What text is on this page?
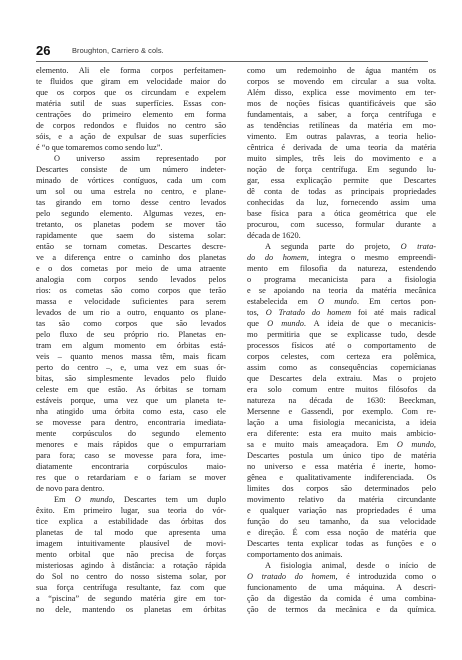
26	Broughton, Carriero & cols.
elemento. Ali ele forma corpos perfeitamen-
te fluidos que giram em velocidade maior do
que os corpos que os circundam e expelem
matéria sutil de suas superfícies. Essas con-
centrações do primeiro elemento em forma
de corpos redondos e fluidos no centro são
sóis, e a ação de expulsar de suas superfícies
é “o que tomaremos como sendo luz”.
O universo assim representado por
Descartes consiste de um número indeter-
minado de vórtices contíguos, cada um com
um sol ou uma estrela no centro, e plane-
tas girando em torno desse centro levados
pelo segundo elemento. Algumas vezes, en-
tretanto, os planetas podem se mover tão
rapidamente que saem do sistema solar:
então se tornam cometas. Descartes descre-
ve a diferença entre o caminho dos planetas
e o dos cometas por meio de uma atraente
analogia com corpos sendo levados pelos
rios: os cometas são como corpos que terão
massa e velocidade suficientes para serem
levados de um rio a outro, enquanto os plane-
tas são como corpos que são levados
pelo fluxo de seu próprio rio. Planetas en-
tram em algum momento em órbitas está-
veis – quanto menos massa têm, mais ficam
perto do centro –, e, uma vez em suas ór-
bitas, são simplesmente levados pelo fluido
celeste em que estão. As órbitas se tornam
estáveis porque, uma vez que um planeta te-
nha atingido uma órbita como esta, caso ele
se movesse para dentro, encontraria imediata-
mente corpúsculos do segundo elemento
menores e mais rápidos que o empurrariam
para fora; caso se movesse para fora, ime-
diatamente encontraria corpúsculos maio-
res que o retardariam e o fariam se mover
de novo para dentro.
Em O mundo, Descartes tem um duplo
êxito. Em primeiro lugar, sua teoria do vór-
tice explica a estabilidade das órbitas dos
planetas de tal modo que apresenta uma
imagem intuitivamente plausível de movi-
mento orbital que não precisa de forças
misteriosas agindo à distância: a rotação rápida
do Sol no centro do nosso sistema solar, por
sua força centrífuga resultante, faz com que
a “piscina” de segundo matéria gire em tor-
no dele, mantendo os planetas em órbitas
como um redemoinho de água mantém os
corpos se movendo em circular a sua volta.
Além disso, explica esse movimento em ter-
mos de noções físicas quantificáveis que são
fundamentais, a saber, a força centrífuga e
as tendências retilíneas da matéria em mo-
vimento. Em outras palavras, a teoria helio-
cêntrica é derivada de uma teoria da matéria
muito simples, três leis do movimento e a
noção de força centrífuga. Em segundo lu-
gar, essa explicação permite que Descartes
dê conta de todas as principais propriedades
conhecidas da luz, fornecendo assim uma
base física para a ótica geométrica que ele
procurou, com sucesso, formular durante a
década de 1620.
A segunda parte do projeto, O trata-
do do homem, integra o mesmo empreendi-
mento em filosofia da natureza, estendendo
o programa mecanicista para a fisiologia
e se apoiando na teoria da matéria mecânica
estabelecida em O mundo. Em certos pon-
tos, O Tratado do homem foi até mais radical
que O mundo. A ideia de que o mecanicis-
mo permitiria que se explicasse tudo, desde
processos físicos até o comportamento de
corpos celestes, com certeza era polêmica,
assim como as consequências copernicianas
que Descartes dela extraiu. Mas o projeto
era solo comum entre muitos filósofos da
natureza na década de 1630: Beeckman,
Mersenne e Gassendi, por exemplo. Com re-
lação a uma fisiologia mecanicista, a ideia
era diferente: esta era muito mais ambicio-
sa e muito mais ameaçadora. Em O mundo,
Descartes postula um único tipo de matéria
no universo e essa matéria é inerte, homo-
gênea e qualitativamente indiferenciada. Os
limites dos corpos são determinados pelo
movimento relativo da matéria circundante
e qualquer variação nas propriedades é uma
função do seu tamanho, da sua velocidade
e direção. É com essa noção de matéria que
Descartes tenta explicar todas as funções e o
comportamento dos animais.
A fisiologia animal, desde o início de
O tratado do homem, é introduzida como o
funcionamento de uma máquina. A descri-
ção da digestão da comida é uma combina-
ção de termos da mecânica e da química.
